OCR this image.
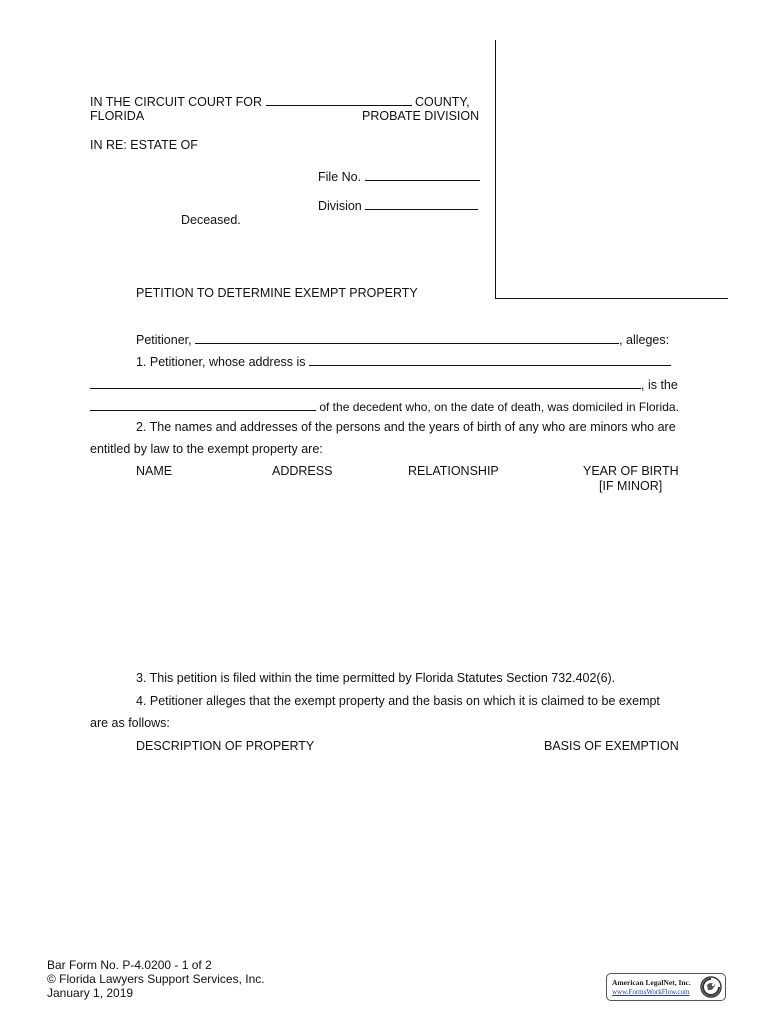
IN THE CIRCUIT COURT FOR	COUNTY,
FLORIDA	PROBATE DIVISION
IN RE: ESTATE OF
File No.
Division
Deceased.
PETITION TO DETERMINE EXEMPT PROPERTY
Petitioner,	, alleges:
1. Petitioner, whose address is
, is the
of the decedent who, on the date of death, was domiciled in Florida.
2. The names and addresses of the persons and the years of birth of any who are minors who are
entitled by law to the exempt property are:
NAME	ADDRESS	RELATIONSHIP	YEAR OF BIRTH
[IF MINOR]
3. This petition is filed within the time permitted by Florida Statutes Section 732.402(6).
4. Petitioner alleges that the exempt property and the basis on which it is claimed to be exempt
are as follows:
DESCRIPTION OF PROPERTY	BASIS OF EXEMPTION
Bar Form No. P-4.0200 - 1 of 2
© Florida Lawyers Support Services, Inc.
January 1, 2019
American LegalNet, Inc.
www.FormsWorkFlow.com
